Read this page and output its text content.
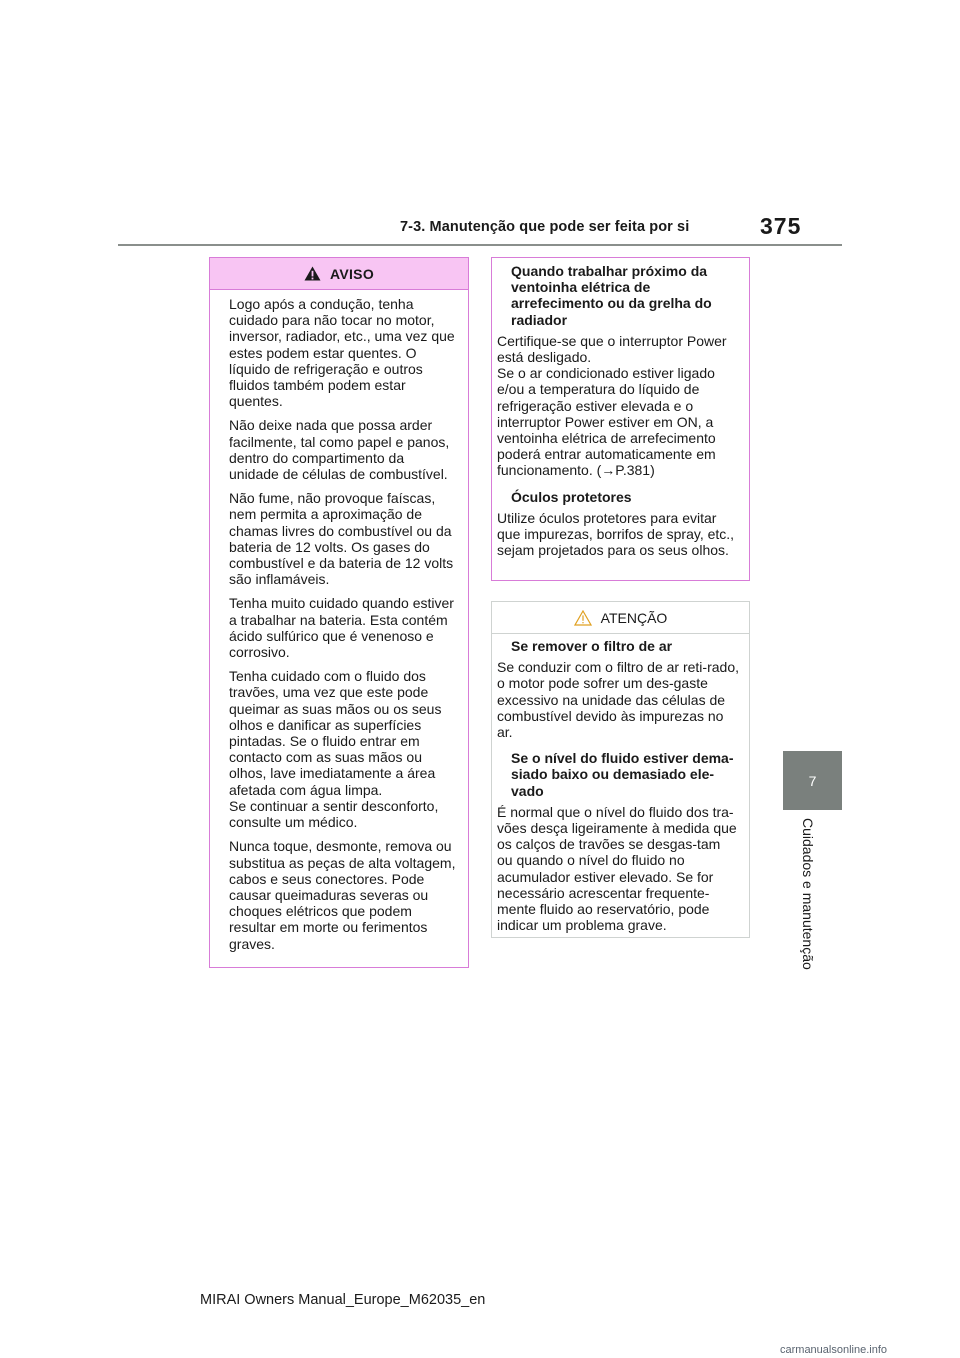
7-3. Manutenção que pode ser feita por si	375
7
Cuidados e manutenção
AVISO

Logo após a condução, tenha cuidado para não tocar no motor, inversor, radiador, etc., uma vez que estes podem estar quentes. O líquido de refrigeração e outros fluidos também podem estar quentes.

Não deixe nada que possa arder facilmente, tal como papel e panos, dentro do compartimento da unidade de células de combustível.

Não fume, não provoque faíscas, nem permita a aproximação de chamas livres do combustível ou da bateria de 12 volts. Os gases do combustível e da bateria de 12 volts são inflamáveis.

Tenha muito cuidado quando estiver a trabalhar na bateria. Esta contém ácido sulfúrico que é venenoso e corrosivo.

Tenha cuidado com o fluido dos travões, uma vez que este pode queimar as suas mãos ou os seus olhos e danificar as superfícies pintadas. Se o fluido entrar em contacto com as suas mãos ou olhos, lave imediatamente a área afetada com água limpa.

Se continuar a sentir desconforto, consulte um médico.

Nunca toque, desmonte, remova ou substitua as peças de alta voltagem, cabos e seus conectores. Pode causar queimaduras severas ou choques elétricos que podem resultar em morte ou ferimentos graves.

Quando trabalhar próximo da ventoinha elétrica de arrefecimento ou da grelha do radiador

Certifique-se que o interruptor Power está desligado.

Se o ar condicionado estiver ligado e/ou a temperatura do líquido de refrigeração estiver elevada e o interruptor Power estiver em ON, a ventoinha elétrica de arrefecimento poderá entrar automaticamente em funcionamento. (→P.381)

Óculos protetores

Utilize óculos protetores para evitar que impurezas, borrifos de spray, etc., sejam projetados para os seus olhos.

ATENÇÃO
Se remover o filtro de ar

Se conduzir com o filtro de ar reti-rado, o motor pode sofrer um des-gaste excessivo na unidade das células de combustível devido às impurezas no ar.

Se o nível do fluido estiver dema-siado baixo ou demasiado ele-vado

É normal que o nível do fluido dos tra-vões desça ligeiramente à medida que os calços de travões se desgas-tam ou quando o nível do fluido no acumulador estiver elevado. Se for necessário acrescentar frequente-mente fluido ao reservatório, pode indicar um problema grave.

MIRAI Owners Manual_Europe_M62035_en
carmanualsonline.info
